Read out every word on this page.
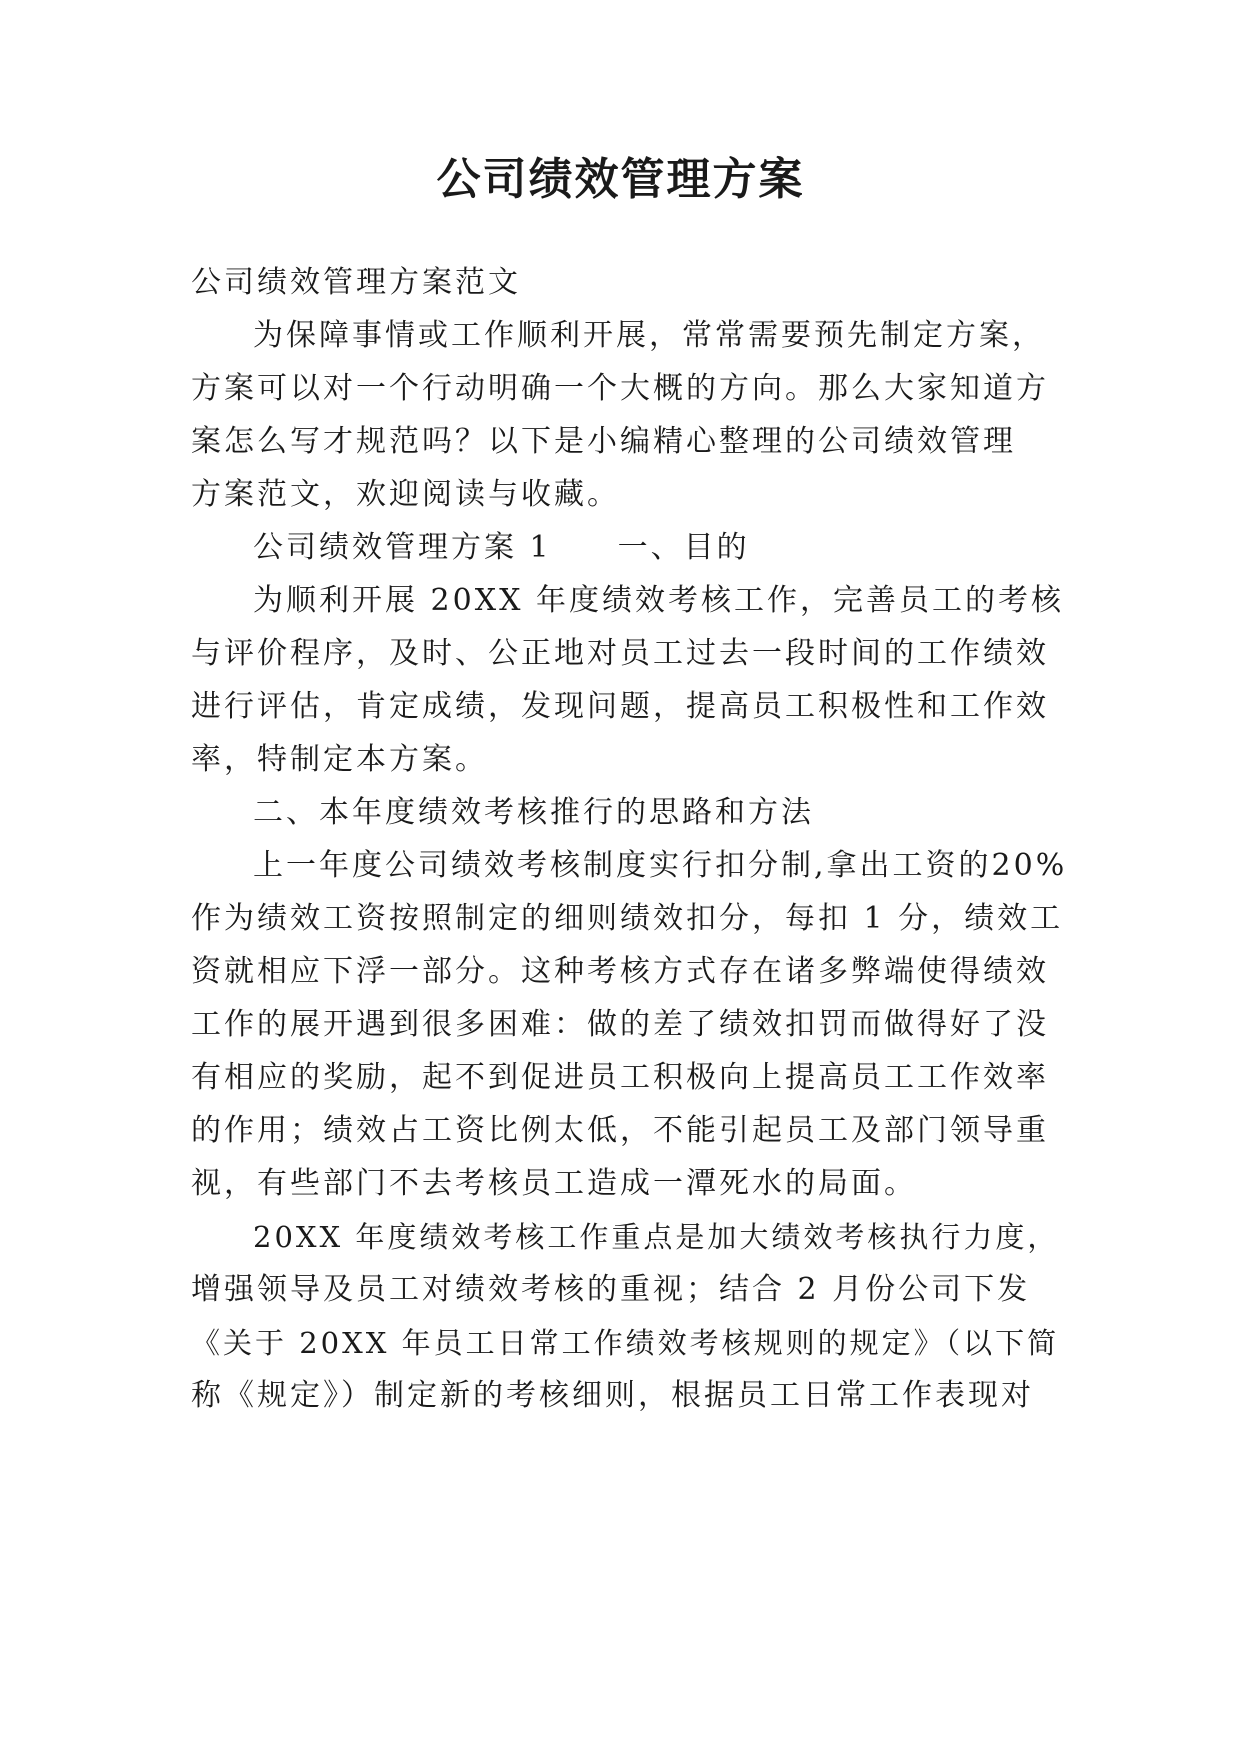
公司绩效管理方案
公司绩效管理方案范文
为保障事情或工作顺利开展，常常需要预先制定方案，
方案可以对一个行动明确一个大概的方向。那么大家知道方
案怎么写才规范吗？以下是小编精心整理的公司绩效管理
方案范文，欢迎阅读与收藏。
公司绩效管理方案 1　　一、目的
为顺利开展 20XX 年度绩效考核工作，完善员工的考核
与评价程序，及时、公正地对员工过去一段时间的工作绩效
进行评估，肯定成绩，发现问题，提高员工积极性和工作效
率，特制定本方案。
二、本年度绩效考核推行的思路和方法
上一年度公司绩效考核制度实行扣分制,拿出工资的20%
作为绩效工资按照制定的细则绩效扣分，每扣 1 分，绩效工
资就相应下浮一部分。这种考核方式存在诸多弊端使得绩效
工作的展开遇到很多困难：做的差了绩效扣罚而做得好了没
有相应的奖励，起不到促进员工积极向上提高员工工作效率
的作用；绩效占工资比例太低，不能引起员工及部门领导重
视，有些部门不去考核员工造成一潭死水的局面。
20XX 年度绩效考核工作重点是加大绩效考核执行力度，
增强领导及员工对绩效考核的重视；结合 2 月份公司下发
《关于 20XX 年员工日常工作绩效考核规则的规定》（以下简
称《规定》）制定新的考核细则，根据员工日常工作表现对
